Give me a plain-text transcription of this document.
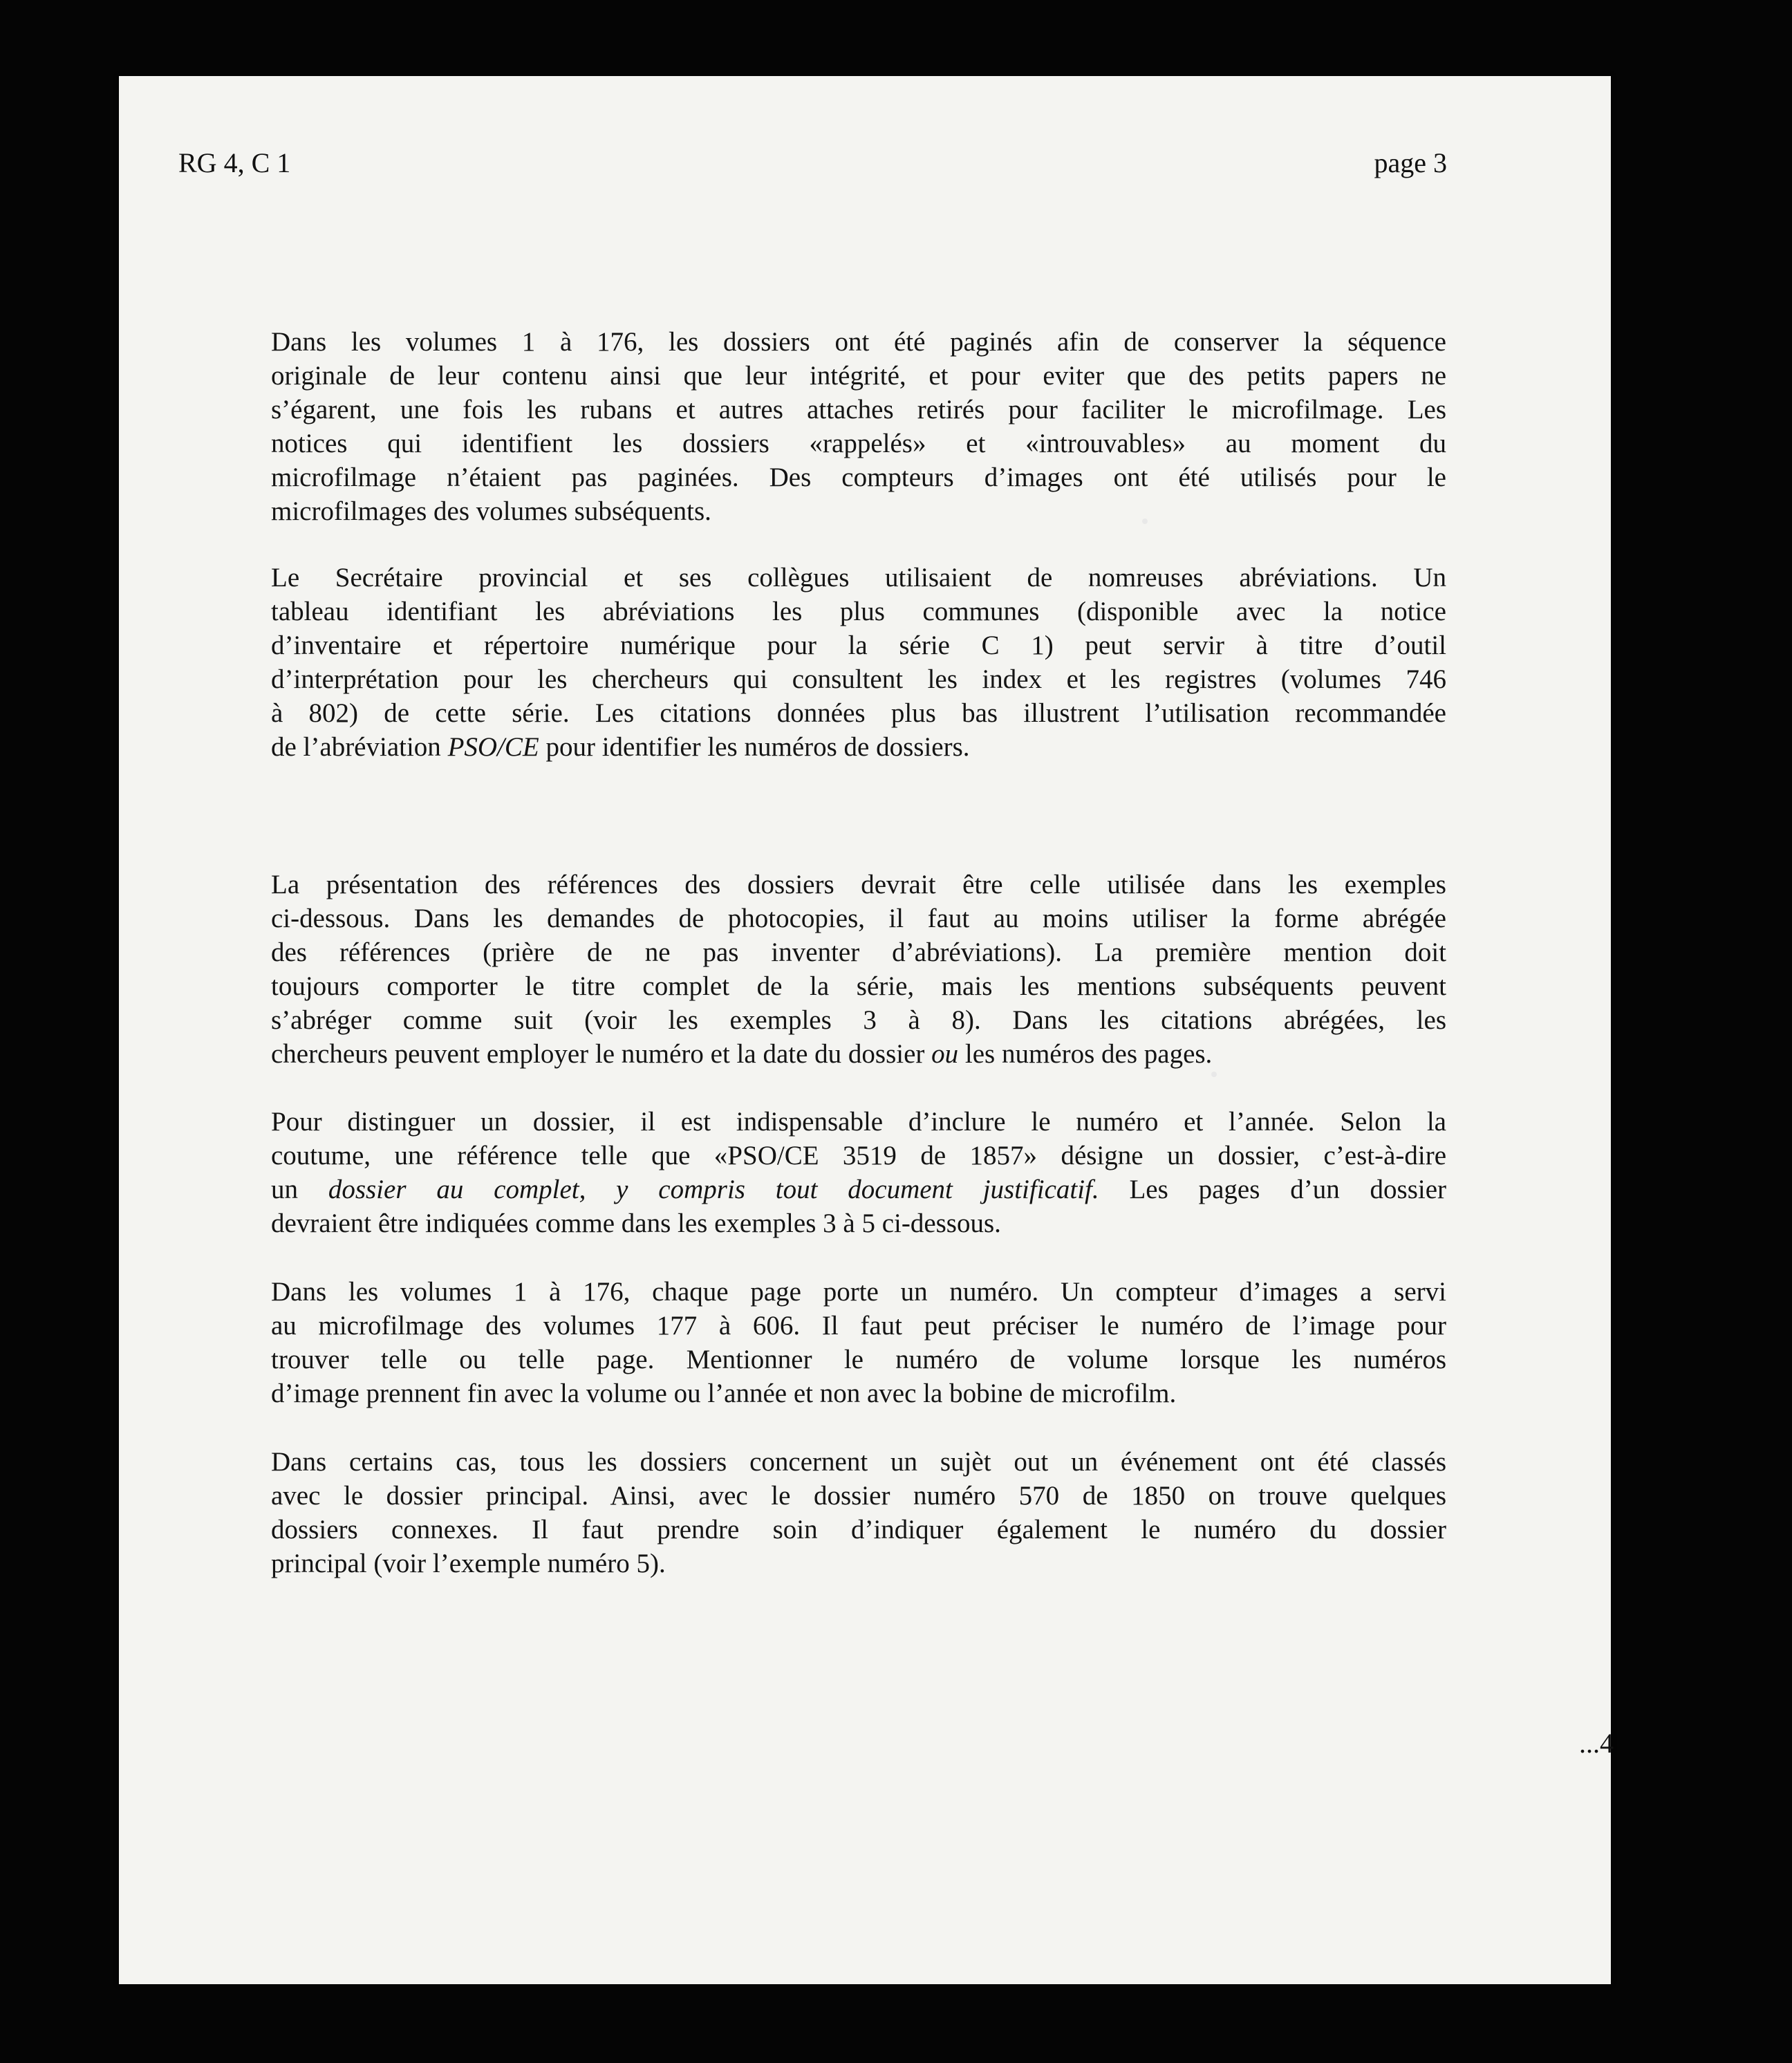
RG 4, C 1	page 3

Dans les volumes 1 à 176, les dossiers ont été paginés afin de conserver la séquence
originale de leur contenu ainsi que leur intégrité, et pour eviter que des petits papers ne
s’égarent, une fois les rubans et autres attaches retirés pour faciliter le microfilmage. Les
notices qui identifient les dossiers «rappelés» et «introuvables» au moment du
microfilmage n’étaient pas paginées. Des compteurs d’images ont été utilisés pour le
microfilmages des volumes subséquents.

Le Secrétaire provincial et ses collègues utilisaient de nomreuses abréviations. Un
tableau identifiant les abréviations les plus communes (disponible avec la notice
d’inventaire et répertoire numérique pour la série C 1) peut servir à titre d’outil
d’interprétation pour les chercheurs qui consultent les index et les registres (volumes 746
à 802) de cette série. Les citations données plus bas illustrent l’utilisation recommandée
de l’abréviation PSO/CE pour identifier les numéros de dossiers.

La présentation des références des dossiers devrait être celle utilisée dans les exemples
ci-dessous. Dans les demandes de photocopies, il faut au moins utiliser la forme abrégée
des références (prière de ne pas inventer d’abréviations). La première mention doit
toujours comporter le titre complet de la série, mais les mentions subséquents peuvent
s’abréger comme suit (voir les exemples 3 à 8). Dans les citations abrégées, les
chercheurs peuvent employer le numéro et la date du dossier ou les numéros des pages.

Pour distinguer un dossier, il est indispensable d’inclure le numéro et l’année. Selon la
coutume, une référence telle que «PSO/CE 3519 de 1857» désigne un dossier, c’est-à-dire
un dossier au complet, y compris tout document justificatif. Les pages d’un dossier
devraient être indiquées comme dans les exemples 3 à 5 ci-dessous.

Dans les volumes 1 à 176, chaque page porte un numéro. Un compteur d’images a servi
au microfilmage des volumes 177 à 606. Il faut peut préciser le numéro de l’image pour
trouver telle ou telle page. Mentionner le numéro de volume lorsque les numéros
d’image prennent fin avec la volume ou l’année et non avec la bobine de microfilm.

Dans certains cas, tous les dossiers concernent un sujèt out un événement ont été classés
avec le dossier principal. Ainsi, avec le dossier numéro 570 de 1850 on trouve quelques
dossiers connexes. Il faut prendre soin d’indiquer également le numéro du dossier
principal (voir l’exemple numéro 5).

...4
